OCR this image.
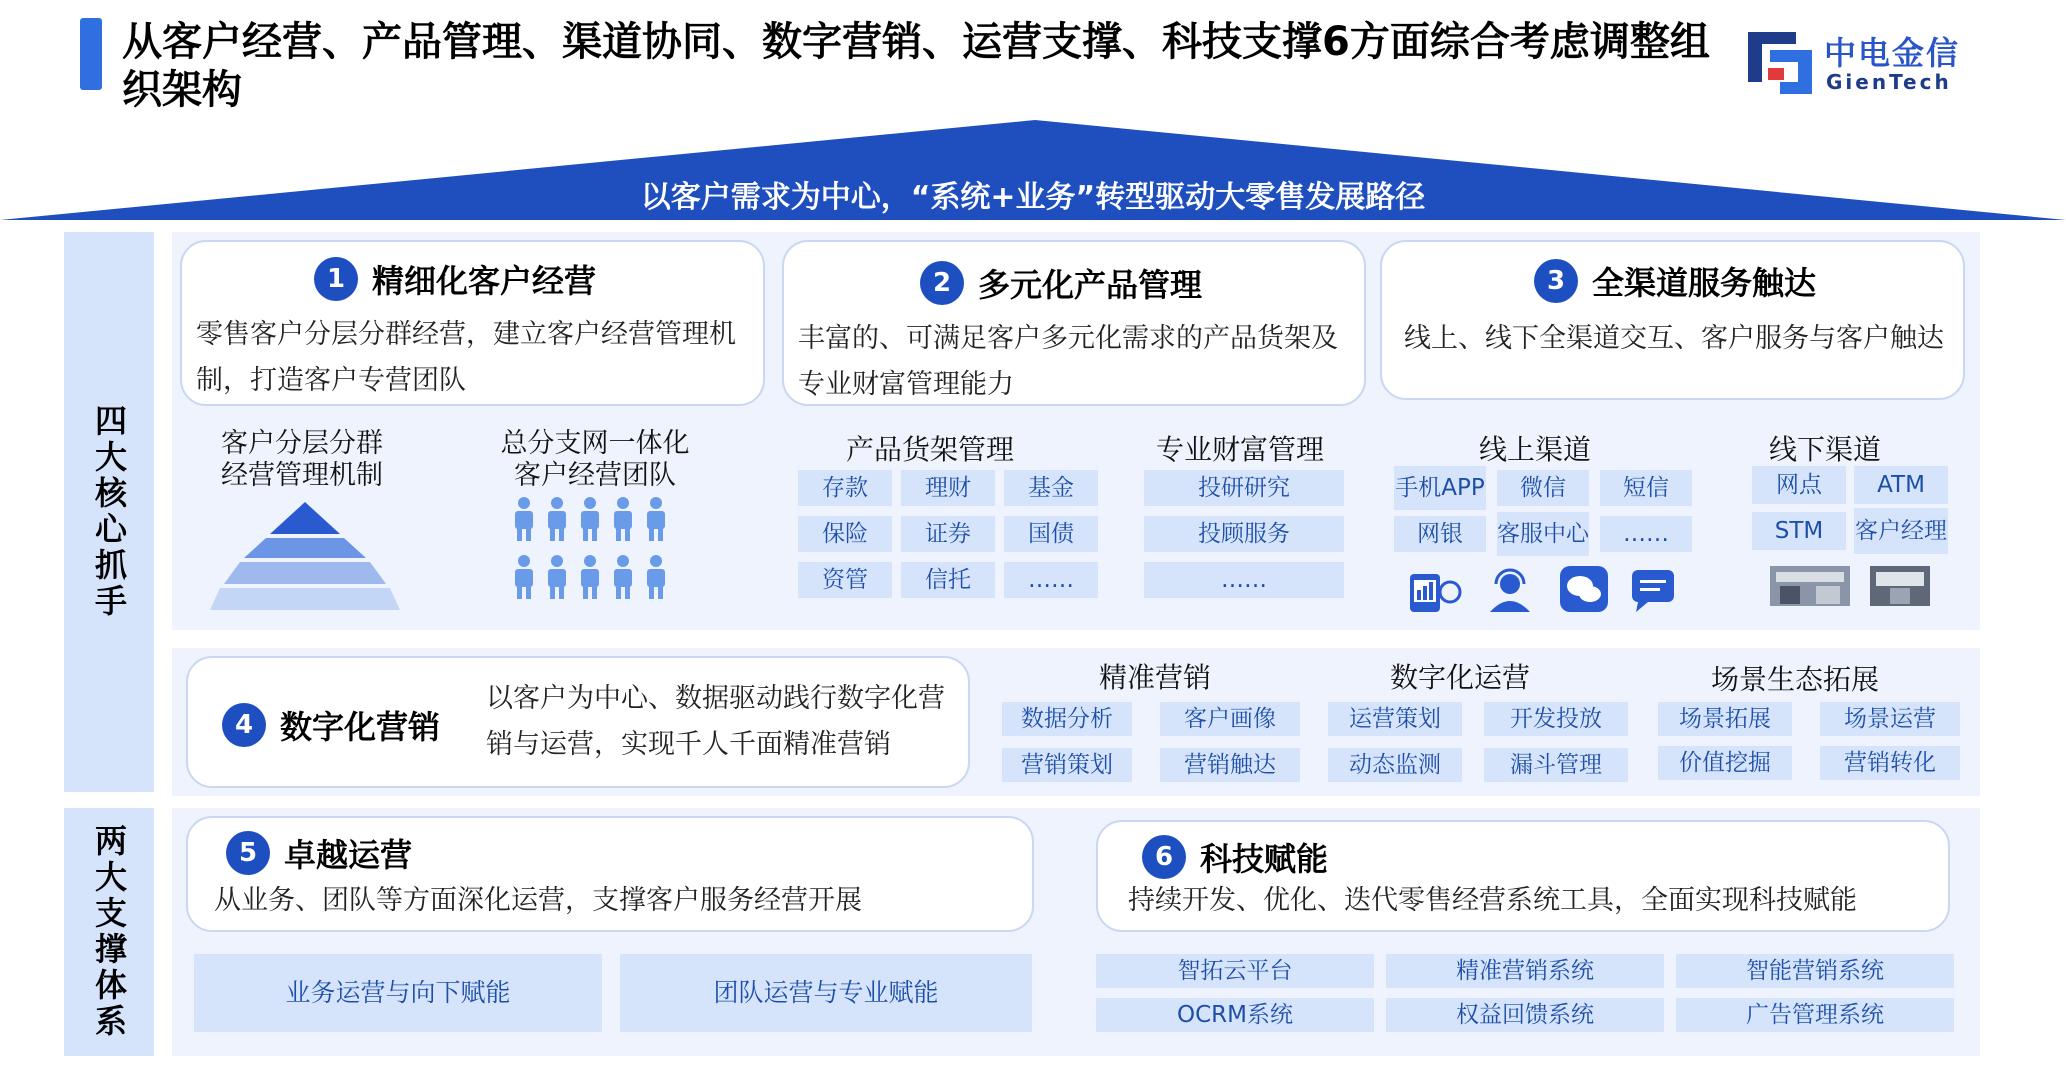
从客户经营、产品管理、渠道协同、数字营销、运营支撑、科技支撑6方面综合考虑调整组织架构
中电金信
GienTech
以客户需求为中心，“系统+业务”转型驱动大零售发展路径
四大核心抓手
两大支撑体系
1 精细化客户经营
零售客户分层分群经营，建立客户经营管理机制，打造客户专营团队
2 多元化产品管理
丰富的、可满足客户多元化需求的产品货架及专业财富管理能力
3 全渠道服务触达
线上、线下全渠道交互、客户服务与客户触达
客户分层分群经营管理机制
总分支网一体化客户经营团队
产品货架管理
存款	理财	基金
保险	证券	国债
资管	信托	……
专业财富管理
投研研究
投顾服务
……
线上渠道
手机APP	微信	短信
网银	客服中心	……
线下渠道
网点	ATM
STM	客户经理
4 数字化营销
以客户为中心、数据驱动践行数字化营销与运营，实现千人千面精准营销
精准营销
数据分析	客户画像
营销策划	营销触达
数字化运营
运营策划	开发投放
动态监测	漏斗管理
场景生态拓展
场景拓展	场景运营
价值挖掘	营销转化
5 卓越运营
从业务、团队等方面深化运营，支撑客户服务经营开展
业务运营与向下赋能	团队运营与专业赋能
6 科技赋能
持续开发、优化、迭代零售经营系统工具，全面实现科技赋能
智拓云平台	精准营销系统	智能营销系统
OCRM系统	权益回馈系统	广告管理系统
